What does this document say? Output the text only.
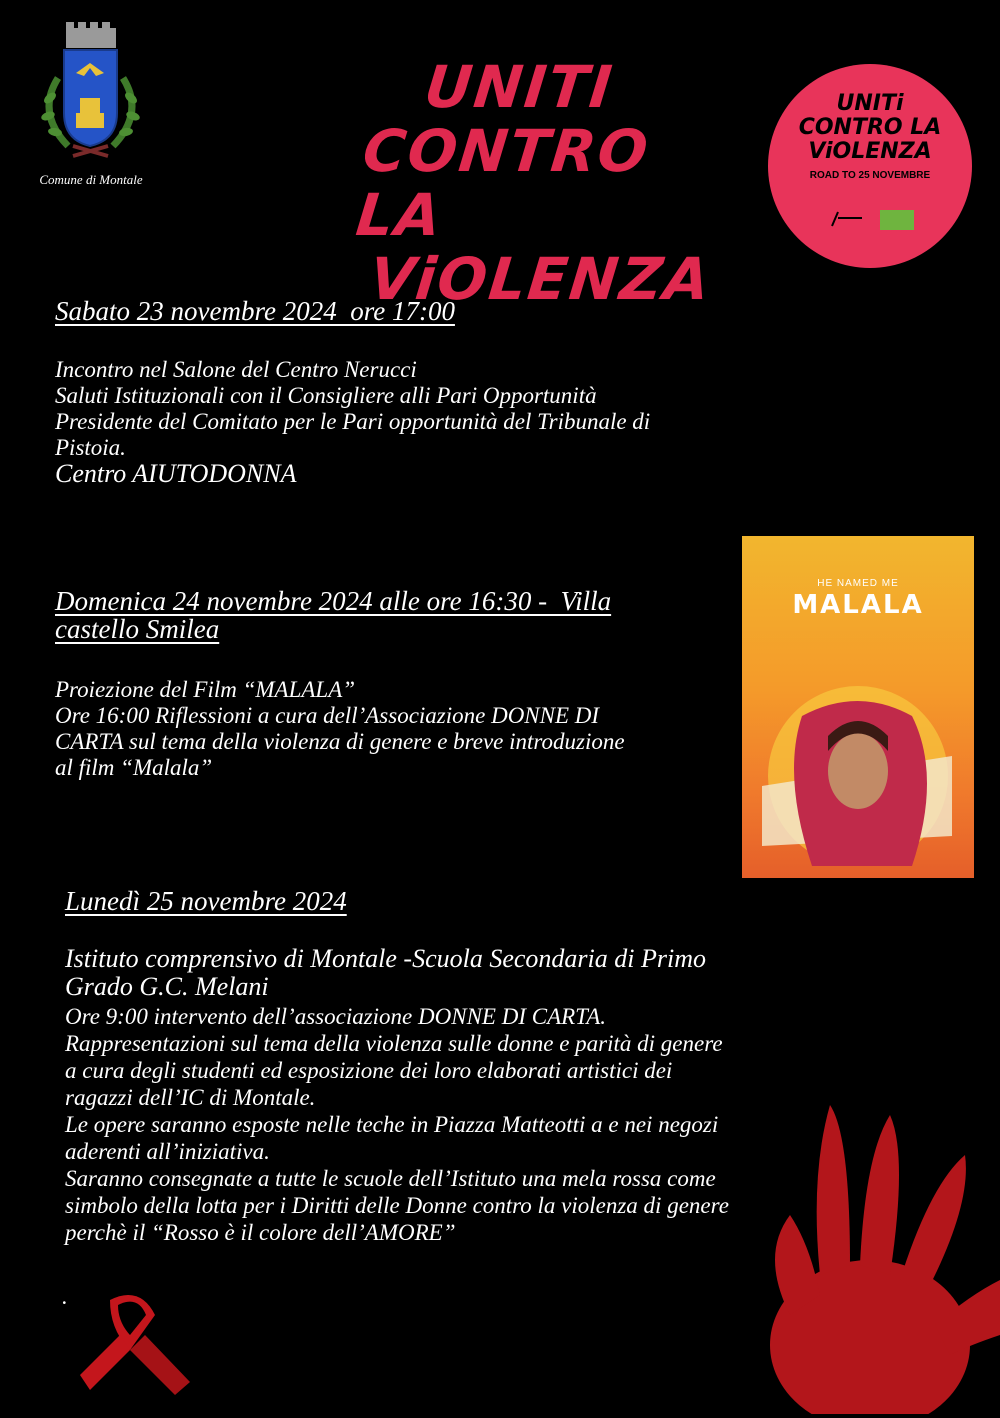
Comune di Montale
UNITI
CONTRO LA
ViOLENZA
UNITi
CONTRO LA
ViOLENZA
ROAD TO 25 NOVEMBRE
Sabato 23 novembre 2024  ore 17:00
Incontro nel Salone del Centro Nerucci
Saluti Istituzionali con il Consigliere alli Pari Opportunità
Presidente del Comitato per le Pari opportunità del Tribunale di
Pistoia.
Centro AIUTODONNA
Domenica 24 novembre 2024 alle ore 16:30 -  Villa
castello Smilea
Proiezione del Film “MALALA”
Ore 16:00 Riflessioni a cura dell’Associazione DONNE DI
CARTA sul tema della violenza di genere e breve introduzione
al film “Malala”
HE NAMED ME
MALALA
Lunedì 25 novembre 2024
Istituto comprensivo di Montale -Scuola Secondaria di Primo
Grado G.C. Melani
Ore 9:00 intervento dell’associazione DONNE DI CARTA.
Rappresentazioni sul tema della violenza sulle donne e parità di genere
a cura degli studenti ed esposizione dei loro elaborati artistici dei
ragazzi dell’IC di Montale.
Le opere saranno esposte nelle teche in Piazza Matteotti a e nei negozi
aderenti all’iniziativa.
Saranno consegnate a tutte le scuole dell’Istituto una mela rossa come
simbolo della lotta per i Diritti delle Donne contro la violenza di genere
perchè il “Rosso è il colore dell’AMORE”
.
